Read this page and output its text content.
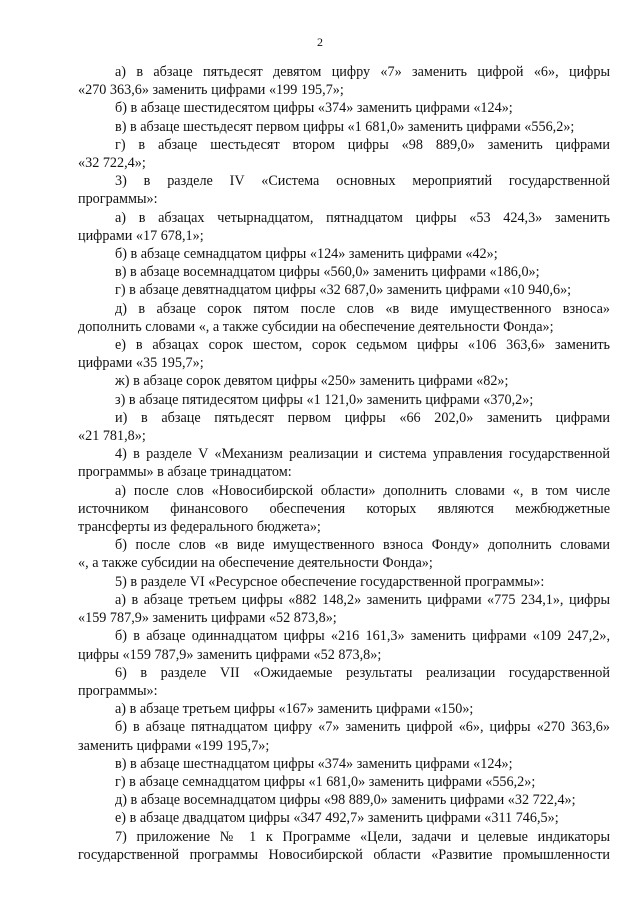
2
а) в абзаце пятьдесят девятом цифру «7» заменить цифрой «6», цифры
«270 363,6» заменить цифрами «199 195,7»;
б) в абзаце шестидесятом цифры «374» заменить цифрами «124»;
в) в абзаце шестьдесят первом цифры «1 681,0» заменить цифрами «556,2»;
г) в абзаце шестьдесят втором цифры «98 889,0» заменить цифрами
«32 722,4»;
3) в разделе IV «Система основных мероприятий государственной
программы»:
а) в абзацах четырнадцатом, пятнадцатом цифры «53 424,3» заменить
цифрами «17 678,1»;
б) в абзаце семнадцатом цифры «124» заменить цифрами «42»;
в) в абзаце восемнадцатом цифры «560,0» заменить цифрами «186,0»;
г) в абзаце девятнадцатом цифры «32 687,0» заменить цифрами «10 940,6»;
д) в абзаце сорок пятом после слов «в виде имущественного взноса»
дополнить словами «, а также субсидии на обеспечение деятельности Фонда»;
е) в абзацах сорок шестом, сорок седьмом цифры «106 363,6» заменить
цифрами «35 195,7»;
ж) в абзаце сорок девятом цифры «250» заменить цифрами «82»;
з) в абзаце пятидесятом цифры «1 121,0» заменить цифрами «370,2»;
и) в абзаце пятьдесят первом цифры «66 202,0» заменить цифрами
«21 781,8»;
4) в разделе V «Механизм реализации и система управления государственной
программы» в абзаце тринадцатом:
а) после слов «Новосибирской области» дополнить словами «, в том числе
источником финансового обеспечения которых являются межбюджетные
трансферты из федерального бюджета»;
б) после слов «в виде имущественного взноса Фонду» дополнить словами
«, а также субсидии на обеспечение деятельности Фонда»;
5) в разделе VI «Ресурсное обеспечение государственной программы»:
а) в абзаце третьем цифры «882 148,2» заменить цифрами «775 234,1», цифры
«159 787,9» заменить цифрами «52 873,8»;
б) в абзаце одиннадцатом цифры «216 161,3» заменить цифрами «109 247,2»,
цифры «159 787,9» заменить цифрами «52 873,8»;
6) в разделе VII «Ожидаемые результаты реализации государственной
программы»:
а) в абзаце третьем цифры «167» заменить цифрами «150»;
б) в абзаце пятнадцатом цифру «7» заменить цифрой «6», цифры «270 363,6»
заменить цифрами «199 195,7»;
в) в абзаце шестнадцатом цифры «374» заменить цифрами «124»;
г) в абзаце семнадцатом цифры «1 681,0» заменить цифрами «556,2»;
д) в абзаце восемнадцатом цифры «98 889,0» заменить цифрами «32 722,4»;
е) в абзаце двадцатом цифры «347 492,7» заменить цифрами «311 746,5»;
7) приложение № 1 к Программе «Цели, задачи и целевые индикаторы
государственной программы Новосибирской области «Развитие промышленности
